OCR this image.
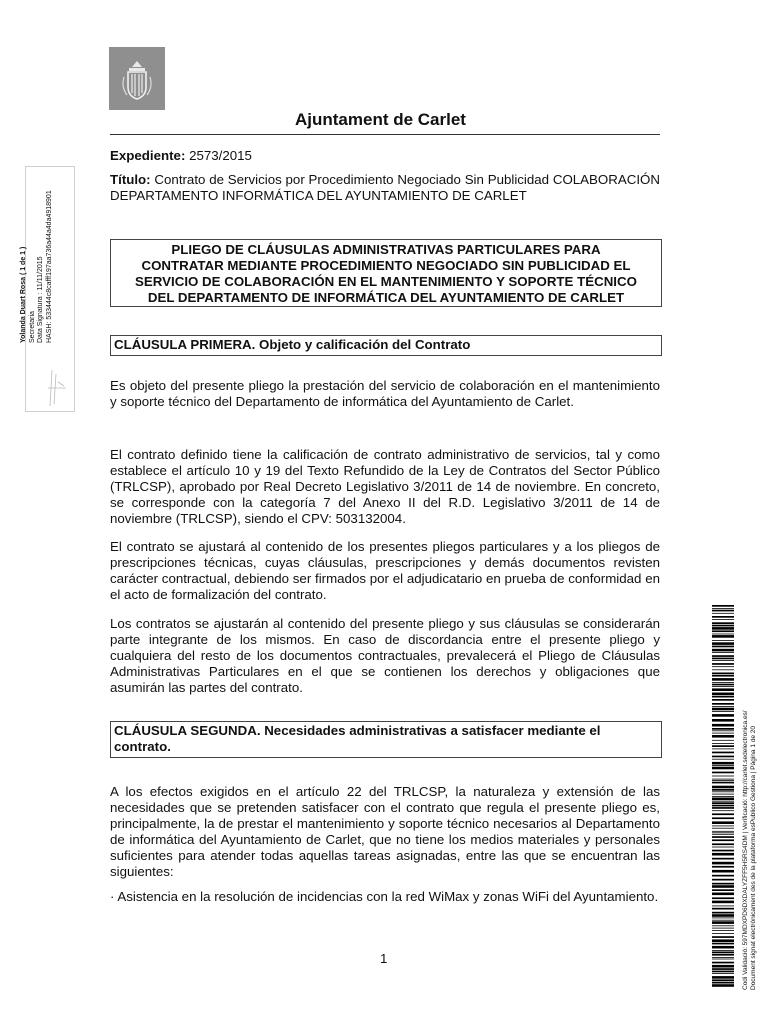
Ajuntament de Carlet
Yolanda Duart Rosa ( 1 de 1 ) Secretaria Data Signatura : 11/11/2015 HASH: 533444c8cafff197aa736a44a4da4918901
Codi Validació: 597MDXPD6DXDALYZFF5H5RS4DM | Verificació: http://carlet.sedelectronica.es/ Document signat electrònicament des de la plataforma esPublico Gestiona | Pàgina 1 de 20

Expediente: 2573/2015

Título: Contrato de Servicios por Procedimiento Negociado Sin Publicidad COLABORACIÓN DEPARTAMENTO INFORMÁTICA DEL AYUNTAMIENTO DE CARLET

PLIEGO DE CLÁUSULAS ADMINISTRATIVAS PARTICULARES PARA
CONTRATAR MEDIANTE PROCEDIMIENTO NEGOCIADO SIN PUBLICIDAD EL
SERVICIO DE COLABORACIÓN EN EL MANTENIMIENTO Y SOPORTE TÉCNICO
DEL DEPARTAMENTO DE INFORMÁTICA DEL AYUNTAMIENTO DE CARLET
CLÁUSULA PRIMERA. Objeto y calificación del Contrato

Es objeto del presente pliego la prestación del servicio de colaboración en el mantenimiento y soporte técnico del Departamento de informática del Ayuntamiento de Carlet.

El contrato definido tiene la calificación de contrato administrativo de servicios, tal y como establece el artículo 10 y 19 del Texto Refundido de la Ley de Contratos del Sector Público (TRLCSP), aprobado por Real Decreto Legislativo 3/2011 de 14 de noviembre. En concreto, se corresponde con la categoría 7 del Anexo II del R.D. Legislativo 3/2011 de 14 de noviembre (TRLCSP), siendo el CPV: 503132004.

El contrato se ajustará al contenido de los presentes pliegos particulares y a los pliegos de prescripciones técnicas, cuyas cláusulas, prescripciones y demás documentos revisten carácter contractual, debiendo ser firmados por el adjudicatario en prueba de conformidad en el acto de formalización del contrato.

Los contratos se ajustarán al contenido del presente pliego y sus cláusulas se considerarán parte integrante de los mismos. En caso de discordancia entre el presente pliego y cualquiera del resto de los documentos contractuales, prevalecerá el Pliego de Cláusulas Administrativas Particulares en el que se contienen los derechos y obligaciones que asumirán las partes del contrato.

CLÁUSULA SEGUNDA. Necesidades administrativas a satisfacer mediante el contrato.

A los efectos exigidos en el artículo 22 del TRLCSP, la naturaleza y extensión de las necesidades que se pretenden satisfacer con el contrato que regula el presente pliego es, principalmente, la de prestar el mantenimiento y soporte técnico necesarios al Departamento de informática del Ayuntamiento de Carlet, que no tiene los medios materiales y personales suficientes para atender todas aquellas tareas asignadas, entre las que se encuentran las siguientes:

· Asistencia en la resolución de incidencias con la red WiMax y zonas WiFi del Ayuntamiento.

1
